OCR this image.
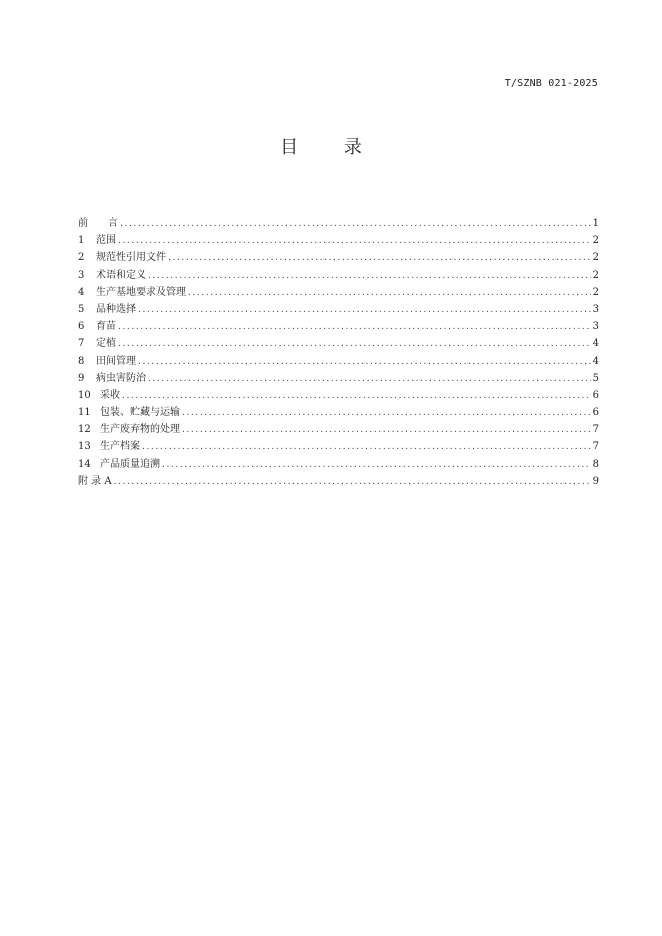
T/SZNB 021-2025
目 录
前　　言 .....	1
1	范围 .....	2
2	规范性引用文件 .....	2
3	术语和定义 .....	2
4	生产基地要求及管理 .....	2
5	品种选择 .....	3
6	育苗 .....	3
7	定植 .....	4
8	田间管理 .....	4
9	病虫害防治 .....	5
10 采收 .....	6
11 包装、贮藏与运输 .....	6
12 生产废弃物的处理 .....	7
13 生产档案 .....	7
14 产品质量追溯 .....	8
附 录 A .....	9
